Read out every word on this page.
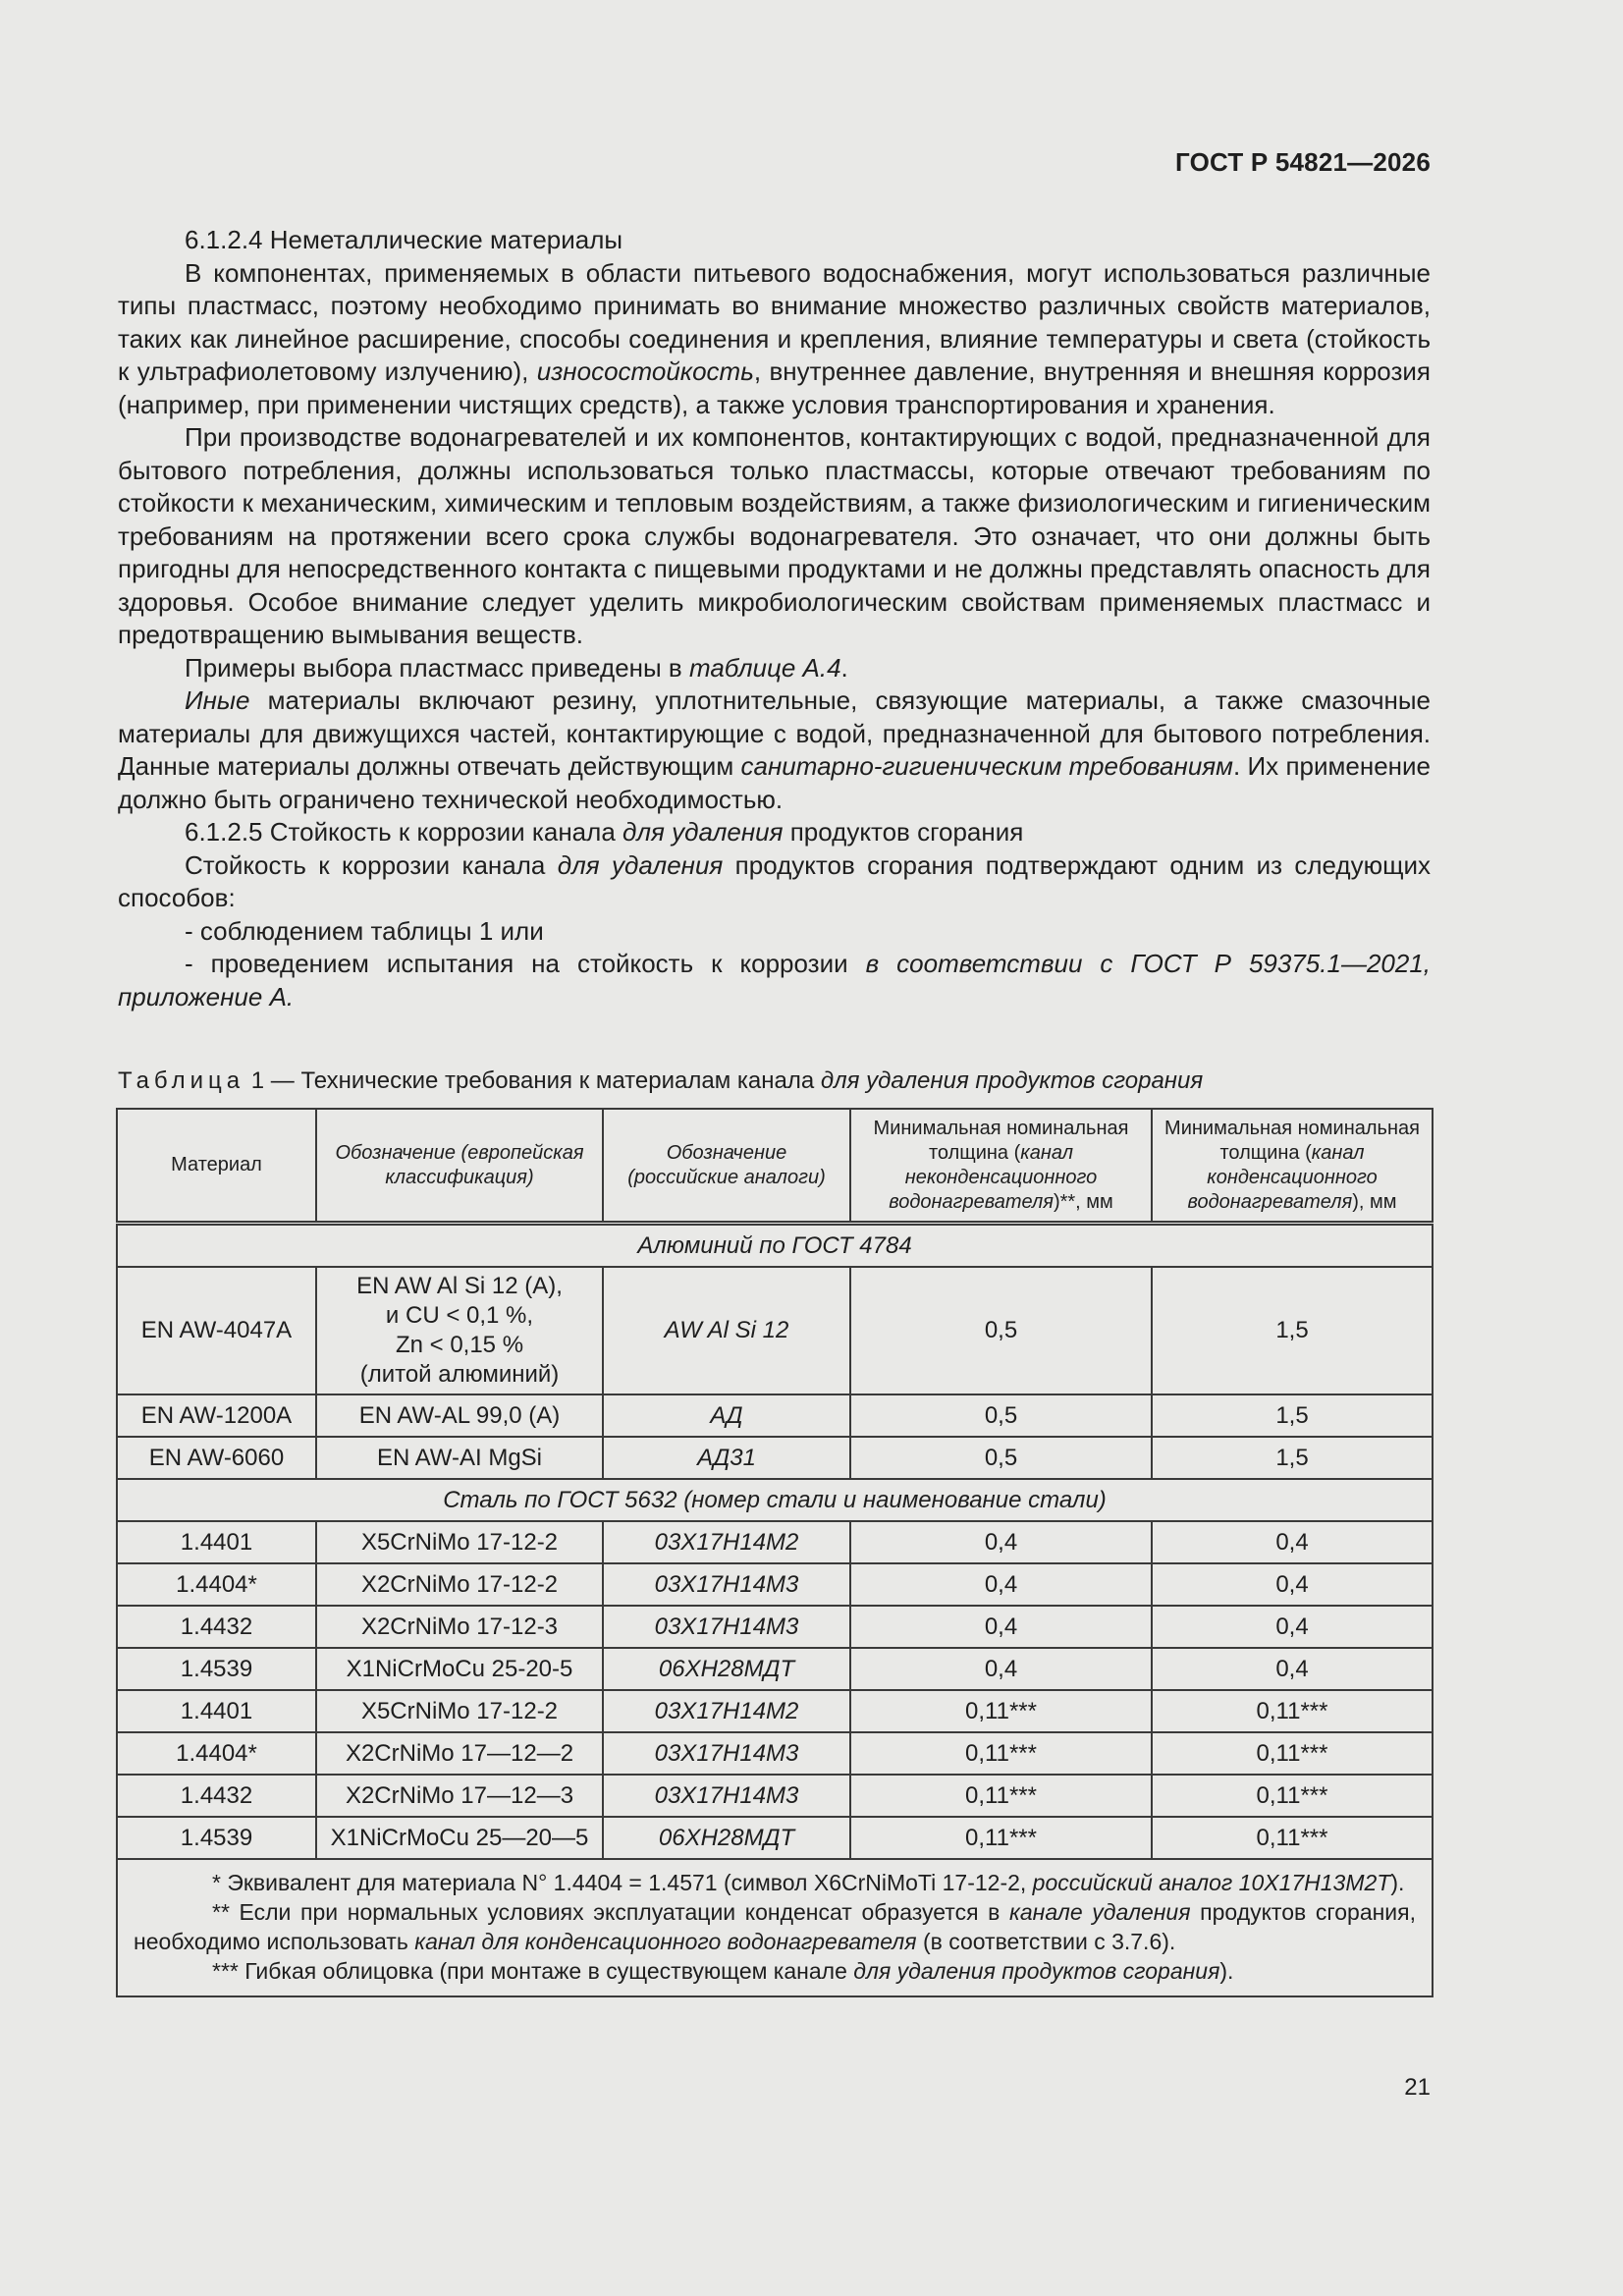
ГОСТ Р 54821—2026

6.1.2.4 Неметаллические материалы

В компонентах, применяемых в области питьевого водоснабжения, могут использоваться различные типы пластмасс, поэтому необходимо принимать во внимание множество различных свойств материалов, таких как линейное расширение, способы соединения и крепления, влияние температуры и света (стойкость к ультрафиолетовому излучению), износостойкость, внутреннее давление, внутренняя и внешняя коррозия (например, при применении чистящих средств), а также условия транспортирования и хранения.

При производстве водонагревателей и их компонентов, контактирующих с водой, предназначенной для бытового потребления, должны использоваться только пластмассы, которые отвечают требованиям по стойкости к механическим, химическим и тепловым воздействиям, а также физиологическим и гигиеническим требованиям на протяжении всего срока службы водонагревателя. Это означает, что они должны быть пригодны для непосредственного контакта с пищевыми продуктами и не должны представлять опасность для здоровья. Особое внимание следует уделить микробиологическим свойствам применяемых пластмасс и предотвращению вымывания веществ.

Примеры выбора пластмасс приведены в таблице А.4.

Иные материалы включают резину, уплотнительные, связующие материалы, а также смазочные материалы для движущихся частей, контактирующие с водой, предназначенной для бытового потребления. Данные материалы должны отвечать действующим санитарно-гигиеническим требованиям. Их применение должно быть ограничено технической необходимостью.

6.1.2.5 Стойкость к коррозии канала для удаления продуктов сгорания

Стойкость к коррозии канала для удаления продуктов сгорания подтверждают одним из следующих способов:

- соблюдением таблицы 1 или

- проведением испытания на стойкость к коррозии в соответствии с ГОСТ Р 59375.1—2021, приложение А.

Таблица 1 — Технические требования к материалам канала для удаления продуктов сгорания
Материал	Обозначение (европейская классификация)	Обозначение (российские аналоги)	Минимальная номинальная толщина (канал неконденсационного водонагревателя)**, мм	Минимальная номинальная толщина (канал конденсационного водонагревателя), мм
Алюминий по ГОСТ 4784				
EN AW-4047A	EN AW Al Si 12 (A),
и CU < 0,1 %,
Zn < 0,15 %
(литой алюминий)	AW Al Si 12	0,5	1,5
EN AW-1200A	EN AW-AL 99,0 (A)	АД	0,5	1,5
EN AW-6060	EN AW-AI MgSi	АД31	0,5	1,5
Сталь по ГОСТ 5632 (номер стали и наименование стали)				
1.4401	X5CrNiMo 17-12-2	03Х17Н14М2	0,4	0,4
1.4404*	X2CrNiMo 17-12-2	03Х17Н14М3	0,4	0,4
1.4432	X2CrNiMo 17-12-3	03Х17Н14М3	0,4	0,4
1.4539	X1NiCrMoCu 25-20-5	06ХН28МДТ	0,4	0,4
1.4401	X5CrNiMo 17-12-2	03Х17Н14М2	0,11***	0,11***
1.4404*	X2CrNiMo 17—12—2	03Х17Н14М3	0,11***	0,11***
1.4432	X2CrNiMo 17—12—3	03Х17Н14М3	0,11***	0,11***
1.4539	X1NiCrMoCu 25—20—5	06ХН28МДТ	0,11***	0,11***

* Эквивалент для материала N° 1.4404 = 1.4571 (символ X6CrNiMoTi 17-12-2, российский аналог 10Х17Н13М2Т).

** Если при нормальных условиях эксплуатации конденсат образуется в канале удаления продуктов сгорания, необходимо использовать канал для конденсационного водонагревателя (в соответствии с 3.7.6).

*** Гибкая облицовка (при монтаже в существующем канале для удаления продуктов сгорания).				

21
